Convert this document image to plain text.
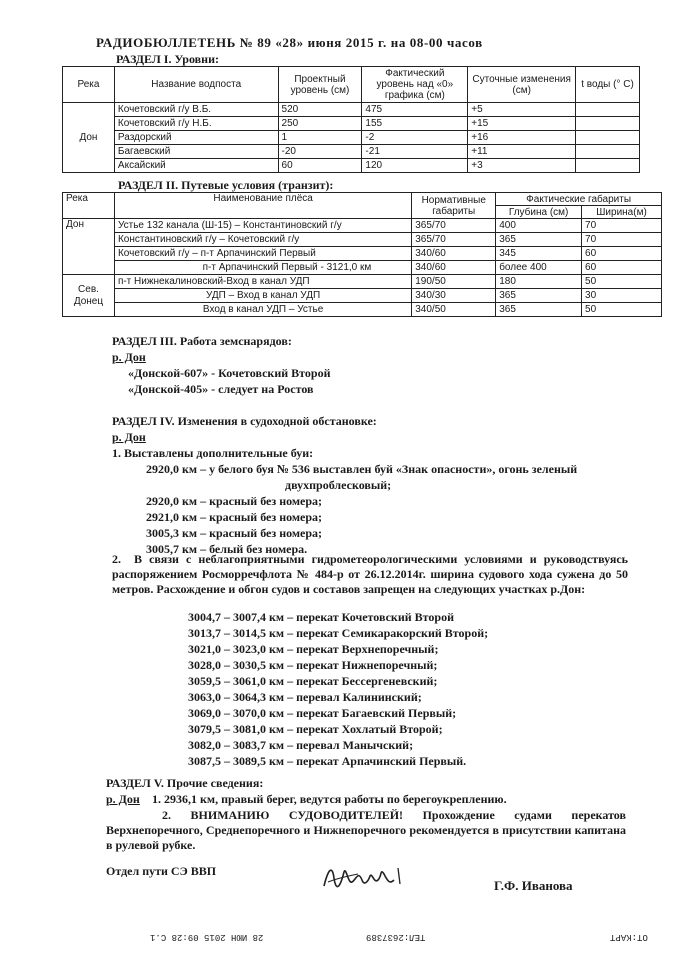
РАДИОБЮЛЛЕТЕНЬ № 89 «28» июня 2015 г. на 08-00 часов
РАЗДЕЛ I. Уровни:
Река	Название водпоста	Проектный уровень (см)	Фактический уровень над «0» графика (см)	Суточные изменения (см)	t воды (° С)
Дон	Кочетовский г/у В.Б.	520	475	+5	
	Кочетовский г/у Н.Б.	250	155	+15	
	Раздорский	1	-2	+16	
	Багаевский	-20	-21	+11	
	Аксайский	60	120	+3	
РАЗДЕЛ II. Путевые условия (транзит):
Река	Наименование плёса	Нормативные габариты	Фактические габариты	
			Глубина (см)	Ширина(м)
Дон	Устье 132 канала (Ш-15) – Константиновский г/у	365/70	400	70
	Константиновский г/у – Кочетовский г/у	365/70	365	70
	Кочетовский г/у – п-т Арпачинский Первый	340/60	345	60
	п-т Арпачинский Первый - 3121,0 км	340/60	более 400	60
Сев. Донец	п-т Нижнекалиновский-Вход в канал УДП	190/50	180	50
	УДП – Вход в канал УДП	340/30	365	30
	Вход в канал УДП – Устье	340/50	365	50
РАЗДЕЛ III. Работа земснарядов:
р. Дон
«Донской-607» - Кочетовский Второй
«Донской-405» - следует на Ростов
РАЗДЕЛ IV. Изменения в судоходной обстановке:
р. Дон
1. Выставлены дополнительные буи:
2920,0 км – у белого буя № 536 выставлен буй «Знак опасности», огонь зеленый
двухпроблесковый;
2920,0 км – красный без номера;
2921,0 км – красный без номера;
3005,3 км – красный без номера;
3005,7 км – белый без номера.
2.	В связи с неблагоприятными гидрометеорологическими условиями и руководствуясь распоряжением Росморречфлота № 484-р от 26.12.2014г. ширина судового хода сужена до 50 метров. Расхождение и обгон судов и составов запрещен на следующих участках р.Дон:
3004,7 – 3007,4 км – перекат Кочетовский Второй
3013,7 – 3014,5 км – перекат Семикаракорский Второй;
3021,0 – 3023,0 км – перекат Верхнепоречный;
3028,0 – 3030,5 км – перекат Нижнепоречный;
3059,5 – 3061,0 км – перекат Бессергеневский;
3063,0 – 3064,3 км – перевал Калининский;
3069,0 – 3070,0 км – перекат Багаевский Первый;
3079,5 – 3081,0 км – перекат Хохлатый Второй;
3082,0 – 3083,7 км – перевал Манычский;
3087,5 – 3089,5 км – перекат Арпачинский Первый.
РАЗДЕЛ V. Прочие сведения:
р. Дон 1. 2936,1 км, правый берег, ведутся работы по берегоукреплению.
2. ВНИМАНИЮ СУДОВОДИТЕЛЕЙ! Прохождение судами перекатов Верхнепоречного, Среднепоречного и Нижнепоречного рекомендуется в присутствии капитана в рулевой рубке.
Отдел пути СЭ ВВП
Г.Ф. Иванова
28 ИЮН 2015 09:28 С.1	ТЕЛ:2637389	ОТ:КАРТ
